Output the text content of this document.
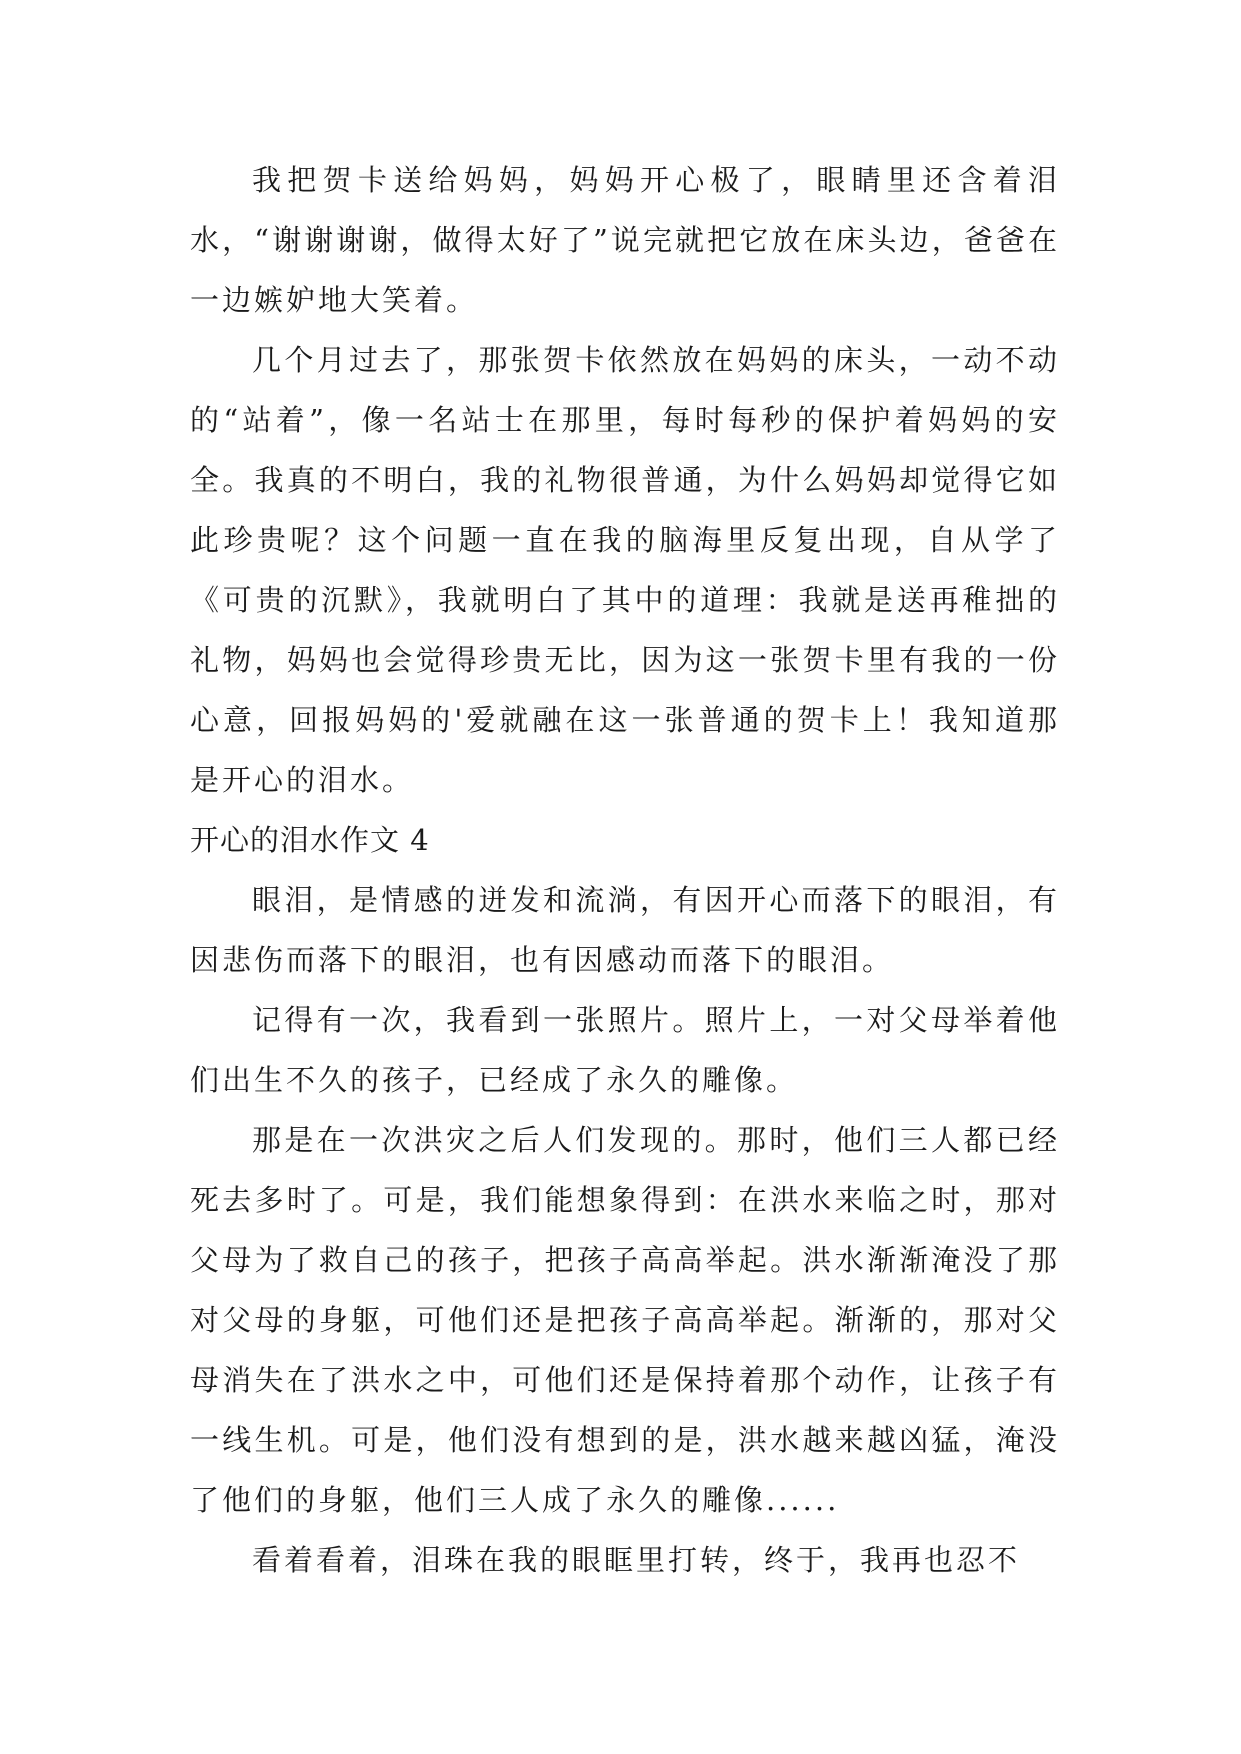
我把贺卡送给妈妈，妈妈开心极了，眼睛里还含着泪水，“谢谢谢谢，做得太好了”说完就把它放在床头边，爸爸在一边嫉妒地大笑着。

几个月过去了，那张贺卡依然放在妈妈的床头，一动不动的“站着”，像一名站士在那里，每时每秒的保护着妈妈的安全。我真的不明白，我的礼物很普通，为什么妈妈却觉得它如此珍贵呢？这个问题一直在我的脑海里反复出现，自从学了《可贵的沉默》，我就明白了其中的道理：我就是送再稚拙的礼物，妈妈也会觉得珍贵无比，因为这一张贺卡里有我的一份心意，回报妈妈的'爱就融在这一张普通的贺卡上！我知道那是开心的泪水。

开心的泪水作文 4

眼泪，是情感的迸发和流淌，有因开心而落下的眼泪，有因悲伤而落下的眼泪，也有因感动而落下的眼泪。

记得有一次，我看到一张照片。照片上，一对父母举着他们出生不久的孩子，已经成了永久的雕像。

那是在一次洪灾之后人们发现的。那时，他们三人都已经死去多时了。可是，我们能想象得到：在洪水来临之时，那对父母为了救自己的孩子，把孩子高高举起。洪水渐渐淹没了那对父母的身躯，可他们还是把孩子高高举起。渐渐的，那对父母消失在了洪水之中，可他们还是保持着那个动作，让孩子有一线生机。可是，他们没有想到的是，洪水越来越凶猛，淹没了他们的身躯，他们三人成了永久的雕像......

看着看着，泪珠在我的眼眶里打转，终于，我再也忍不
